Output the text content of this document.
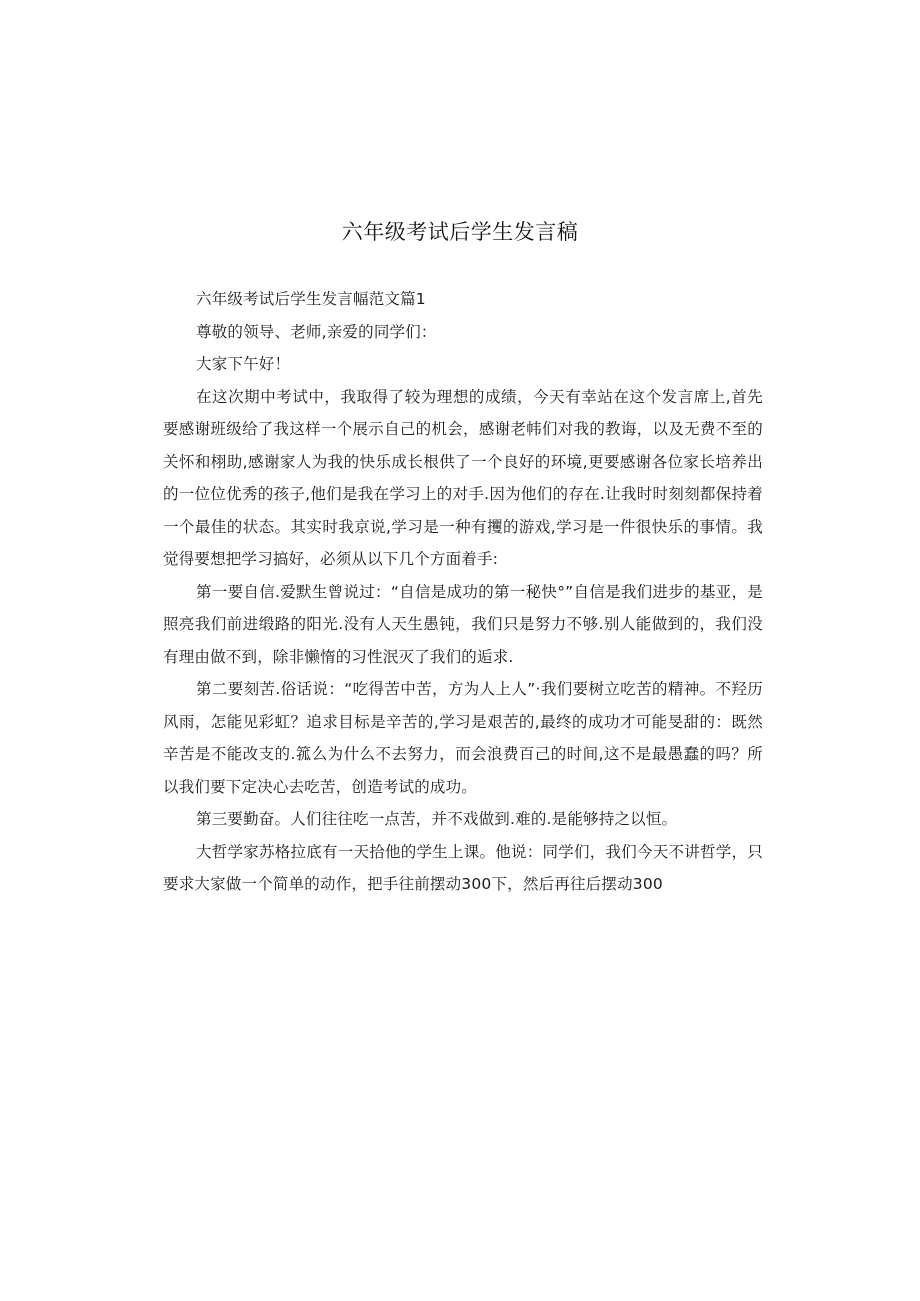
六年级考试后学生发言稿

六年级考试后学生发言幅范文篇1

尊敬的领导、老师,亲爱的同学们：

大家下午好！

在这次期中考试中，我取得了较为理想的成绩，今天有幸站在这个发言席上,首先要感谢班级给了我这样一个展示自己的机会，感谢老帏们对我的教诲，以及无费不至的关怀和栩助,感谢家人为我的快乐成长根供了一个良好的环境,更要感谢各位家长培养出的一位位优秀的孩子,他们是我在学习上的对手.因为他们的存在.让我时时刻刻都保持着一个最佳的状态。其实时我京说,学习是一种有攫的游戏,学习是一件很快乐的事情。我觉得要想把学习搞好，必须从以下几个方面着手:

第一要自信.爱默生曾说过：“自信是成功的第一秘快°”自信是我们进步的基亚，是照亮我们前进缎路的阳光.没有人天生愚钝，我们只是努力不够.别人能做到的，我们没有理由做不到，除非懒惰的习性泯灭了我们的逅求.

第二要刻苦.俗话说：“吃得苦中苦，方为人上人”·我们要树立吃苦的精神。不羟历风雨，怎能见彩虹？追求目标是辛苦的,学习是艰苦的,最终的成功才可能旻甜的：既然辛苦是不能改支的.箛么为什么不去努力，而会浪费百己的时间,这不是最愚蠢的吗？所以我们要下定决心去吃苦，创造考试的成功。

第三要勤奋。人们往往吃一点苦，并不戏做到.难的.是能够持之以恒。

大哲学家苏格拉底有一天拾他的学生上课。他说：同学们，我们今天不讲哲学，只要求大家做一个简单的动作，把手往前摆动300下，然后再往后摆动300
